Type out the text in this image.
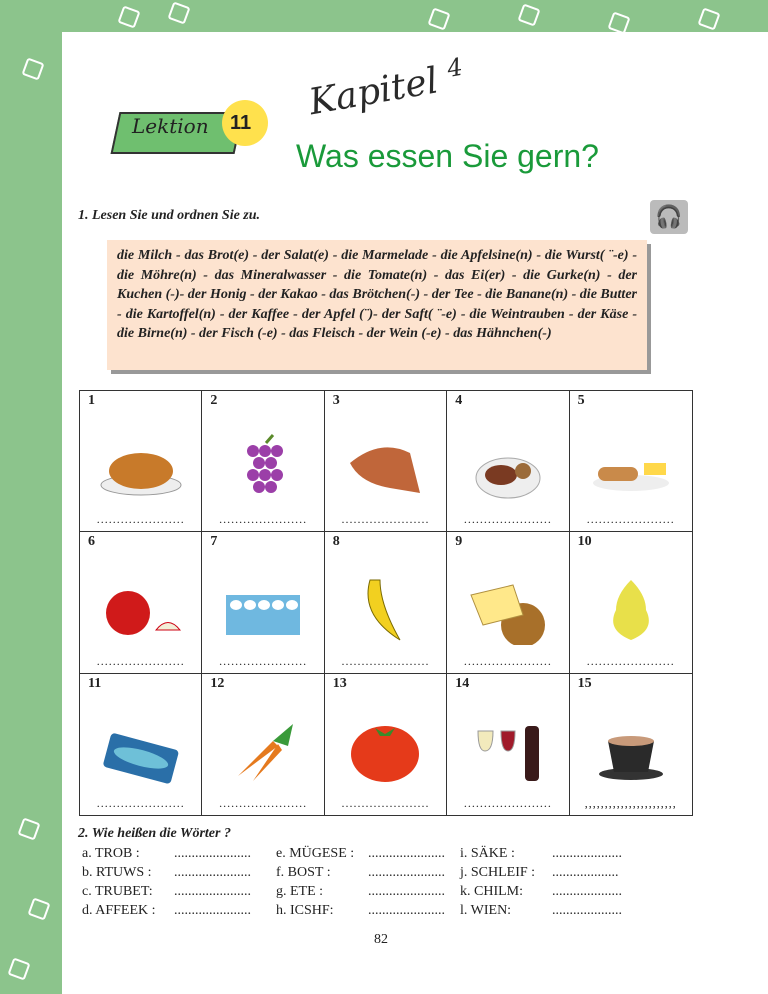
Kapitel $^4$
Lektion 11
Was essen Sie gern?
1. Lesen Sie und ordnen Sie zu.	🎧
die Milch - das Brot(e) - der Salat(e) - die Marmelade - die Apfelsine(n) - die Wurst( ¨-e) - die Möhre(n) - das Mineralwasser - die Tomate(n) - das Ei(er) - die Gurke(n) - der Kuchen (-)- der Honig - der Kakao - das Brötchen(-) - der Tee - die Banane(n) - die Butter - die Kartoffel(n) - der Kaffee - der Apfel (¨)- der Saft( ¨-e) - die Weintrauben - der Käse - die Birne(n) - der Fisch (-e) - das Fleisch - der Wein (-e) - das Hähnchen(-)
1
......................
2
......................
3
......................
4
......................
5
......................
6
......................
7
......................
8
......................
9
......................
10
......................
11
......................
12
......................
13
......................
14
......................
15
,,,,,,,,,,,,,,,,,,,,,,,
2. Wie heißen die Wörter ?
a. TROB :	......................
b. RTUWS :	......................
c. TRUBET:	......................
d. AFFEEK :	......................
e. MÜGESE : ......................
f. BOST :	......................
g. ETE :	......................
h. ICSHF:	......................
i. SÄKE :	....................
j. SCHLEIF :	...................
k. CHILM:	....................
l. WIEN:	....................
82
